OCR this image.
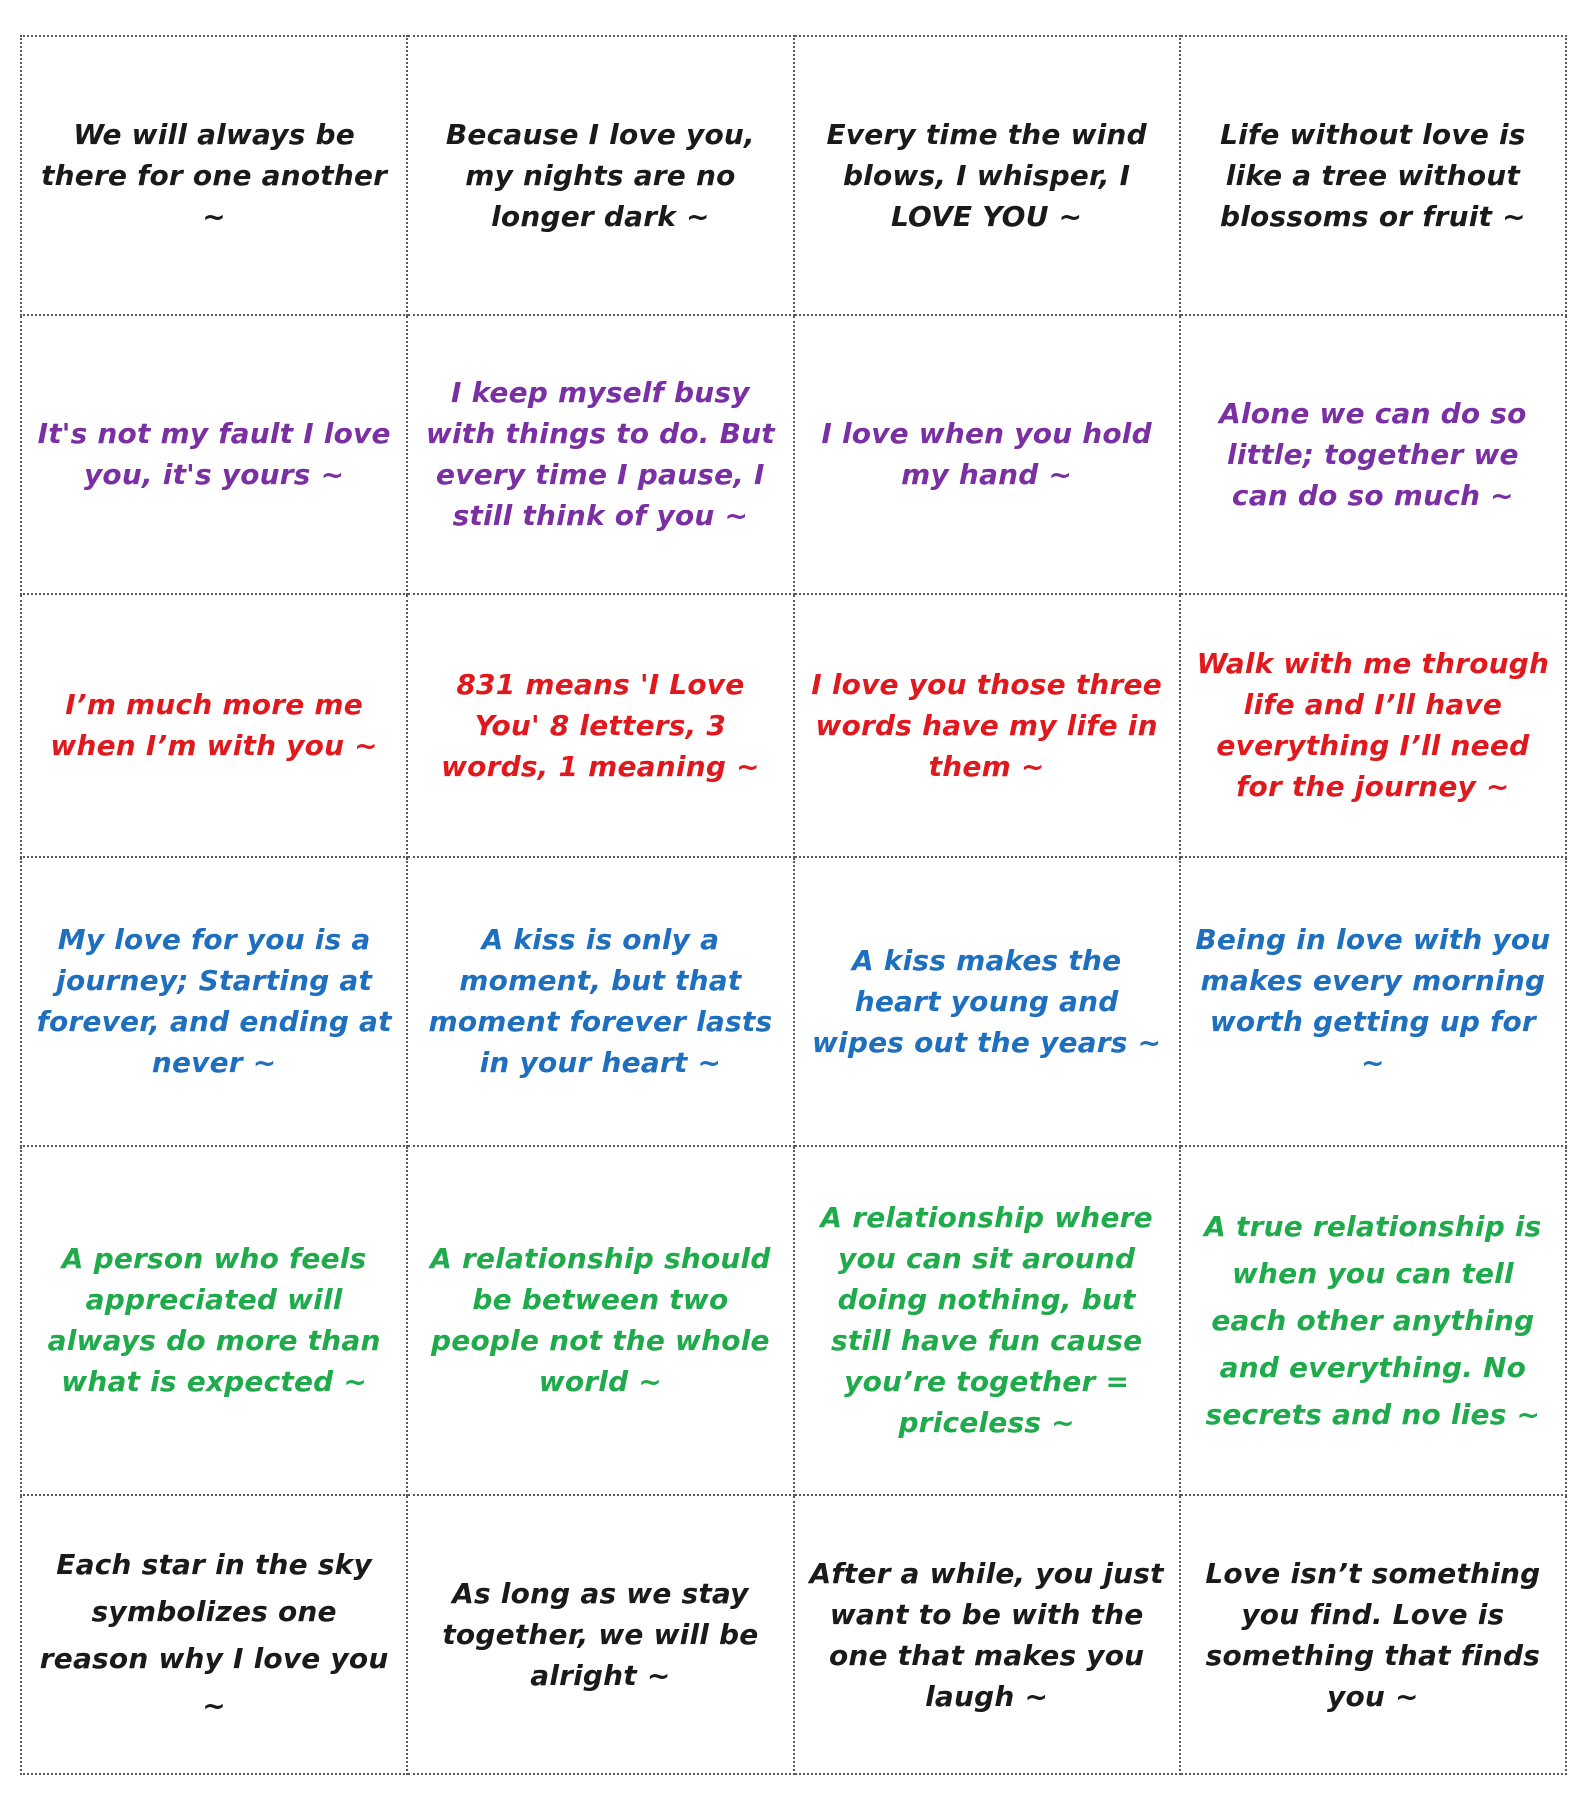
We will always be there for one another ~	Because I love you, my nights are no longer dark ~	Every time the wind blows, I whisper, I LOVE YOU ~	Life without love is like a tree without blossoms or fruit ~
It's not my fault I love you, it's yours ~	I keep myself busy with things to do. But every time I pause, I still think of you ~	I love when you hold my hand ~	Alone we can do so little; together we can do so much ~
I’m much more me when I’m with you ~	831 means 'I Love You' 8 letters, 3 words, 1 meaning ~	I love you those three words have my life in them ~	Walk with me through life and I’ll have everything I’ll need for the journey ~
My love for you is a journey; Starting at forever, and ending at never ~	A kiss is only a moment, but that moment forever lasts in your heart ~	A kiss makes the heart young and wipes out the years ~	Being in love with you makes every morning worth getting up for ~
A person who feels appreciated will always do more than what is expected ~	A relationship should be between two people not the whole world ~	A relationship where you can sit around doing nothing, but still have fun cause you’re together = priceless ~	A true relationship is when you can tell each other anything and everything. No secrets and no lies ~
Each star in the sky symbolizes one reason why I love you ~	As long as we stay together, we will be alright ~	After a while, you just want to be with the one that makes you laugh ~	Love isn’t something you find. Love is something that finds you ~
